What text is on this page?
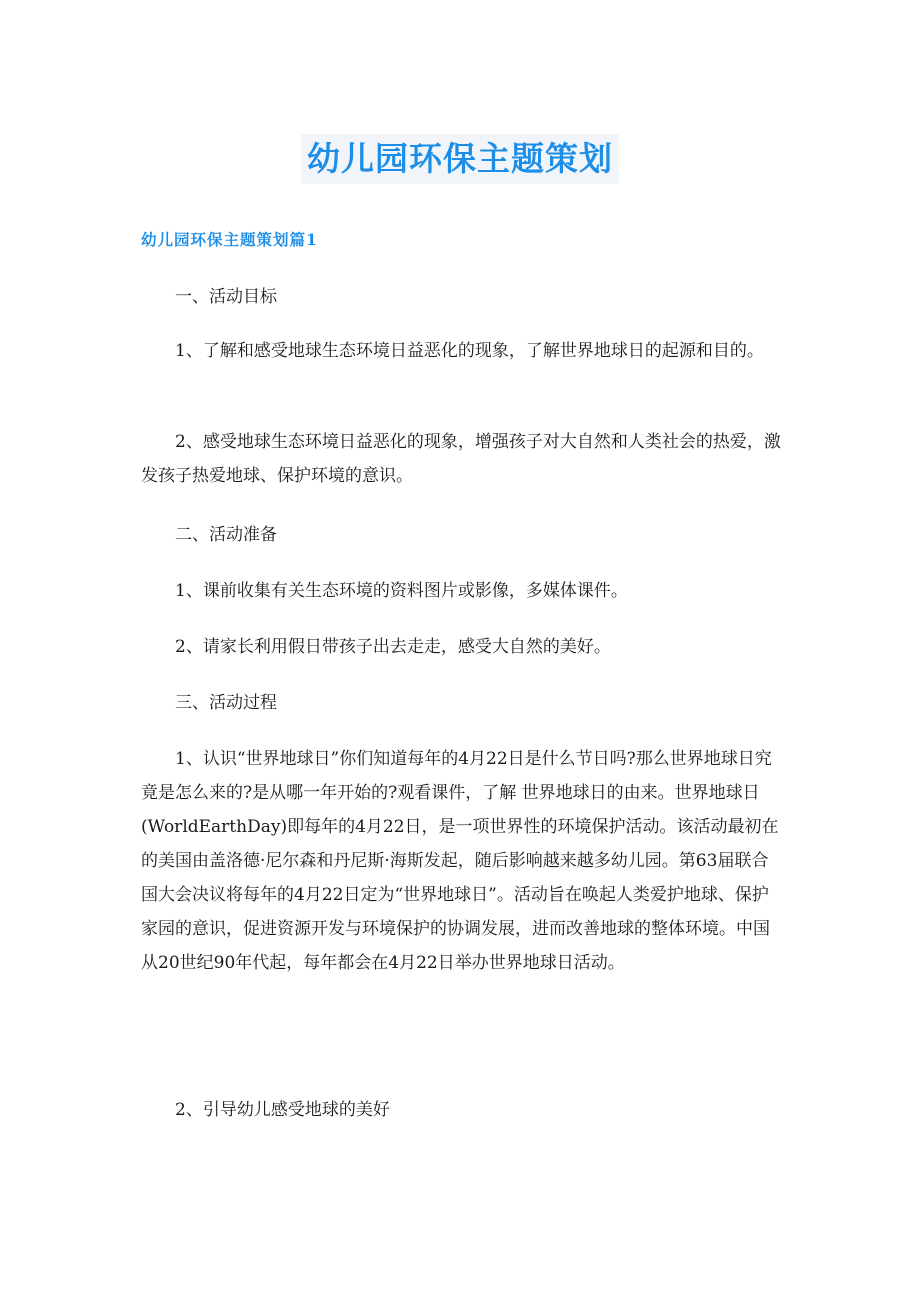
幼儿园环保主题策划
幼儿园环保主题策划篇1

一、活动目标

1、了解和感受地球生态环境日益恶化的现象，了解世界地球日的起源和目的。

2、感受地球生态环境日益恶化的现象，增强孩子对大自然和人类社会的热爱，激发孩子热爱地球、保护环境的意识。

二、活动准备

1、课前收集有关生态环境的资料图片或影像，多媒体课件。

2、请家长利用假日带孩子出去走走，感受大自然的美好。

三、活动过程

1、认识“世界地球日”你们知道每年的4月22日是什么节日吗?那么世界地球日究竟是怎么来的?是从哪一年开始的?观看课件，了解 世界地球日的由来。世界地球日(WorldEarthDay)即每年的4月22日，是一项世界性的环境保护活动。该活动最初在的美国由盖洛德·尼尔森和丹尼斯·海斯发起，随后影响越来越多幼儿园。第63届联合国大会决议将每年的4月22日定为“世界地球日”。活动旨在唤起人类爱护地球、保护家园的意识，促进资源开发与环境保护的协调发展，进而改善地球的整体环境。中国从20世纪90年代起，每年都会在4月22日举办世界地球日活动。

2、引导幼儿感受地球的美好
